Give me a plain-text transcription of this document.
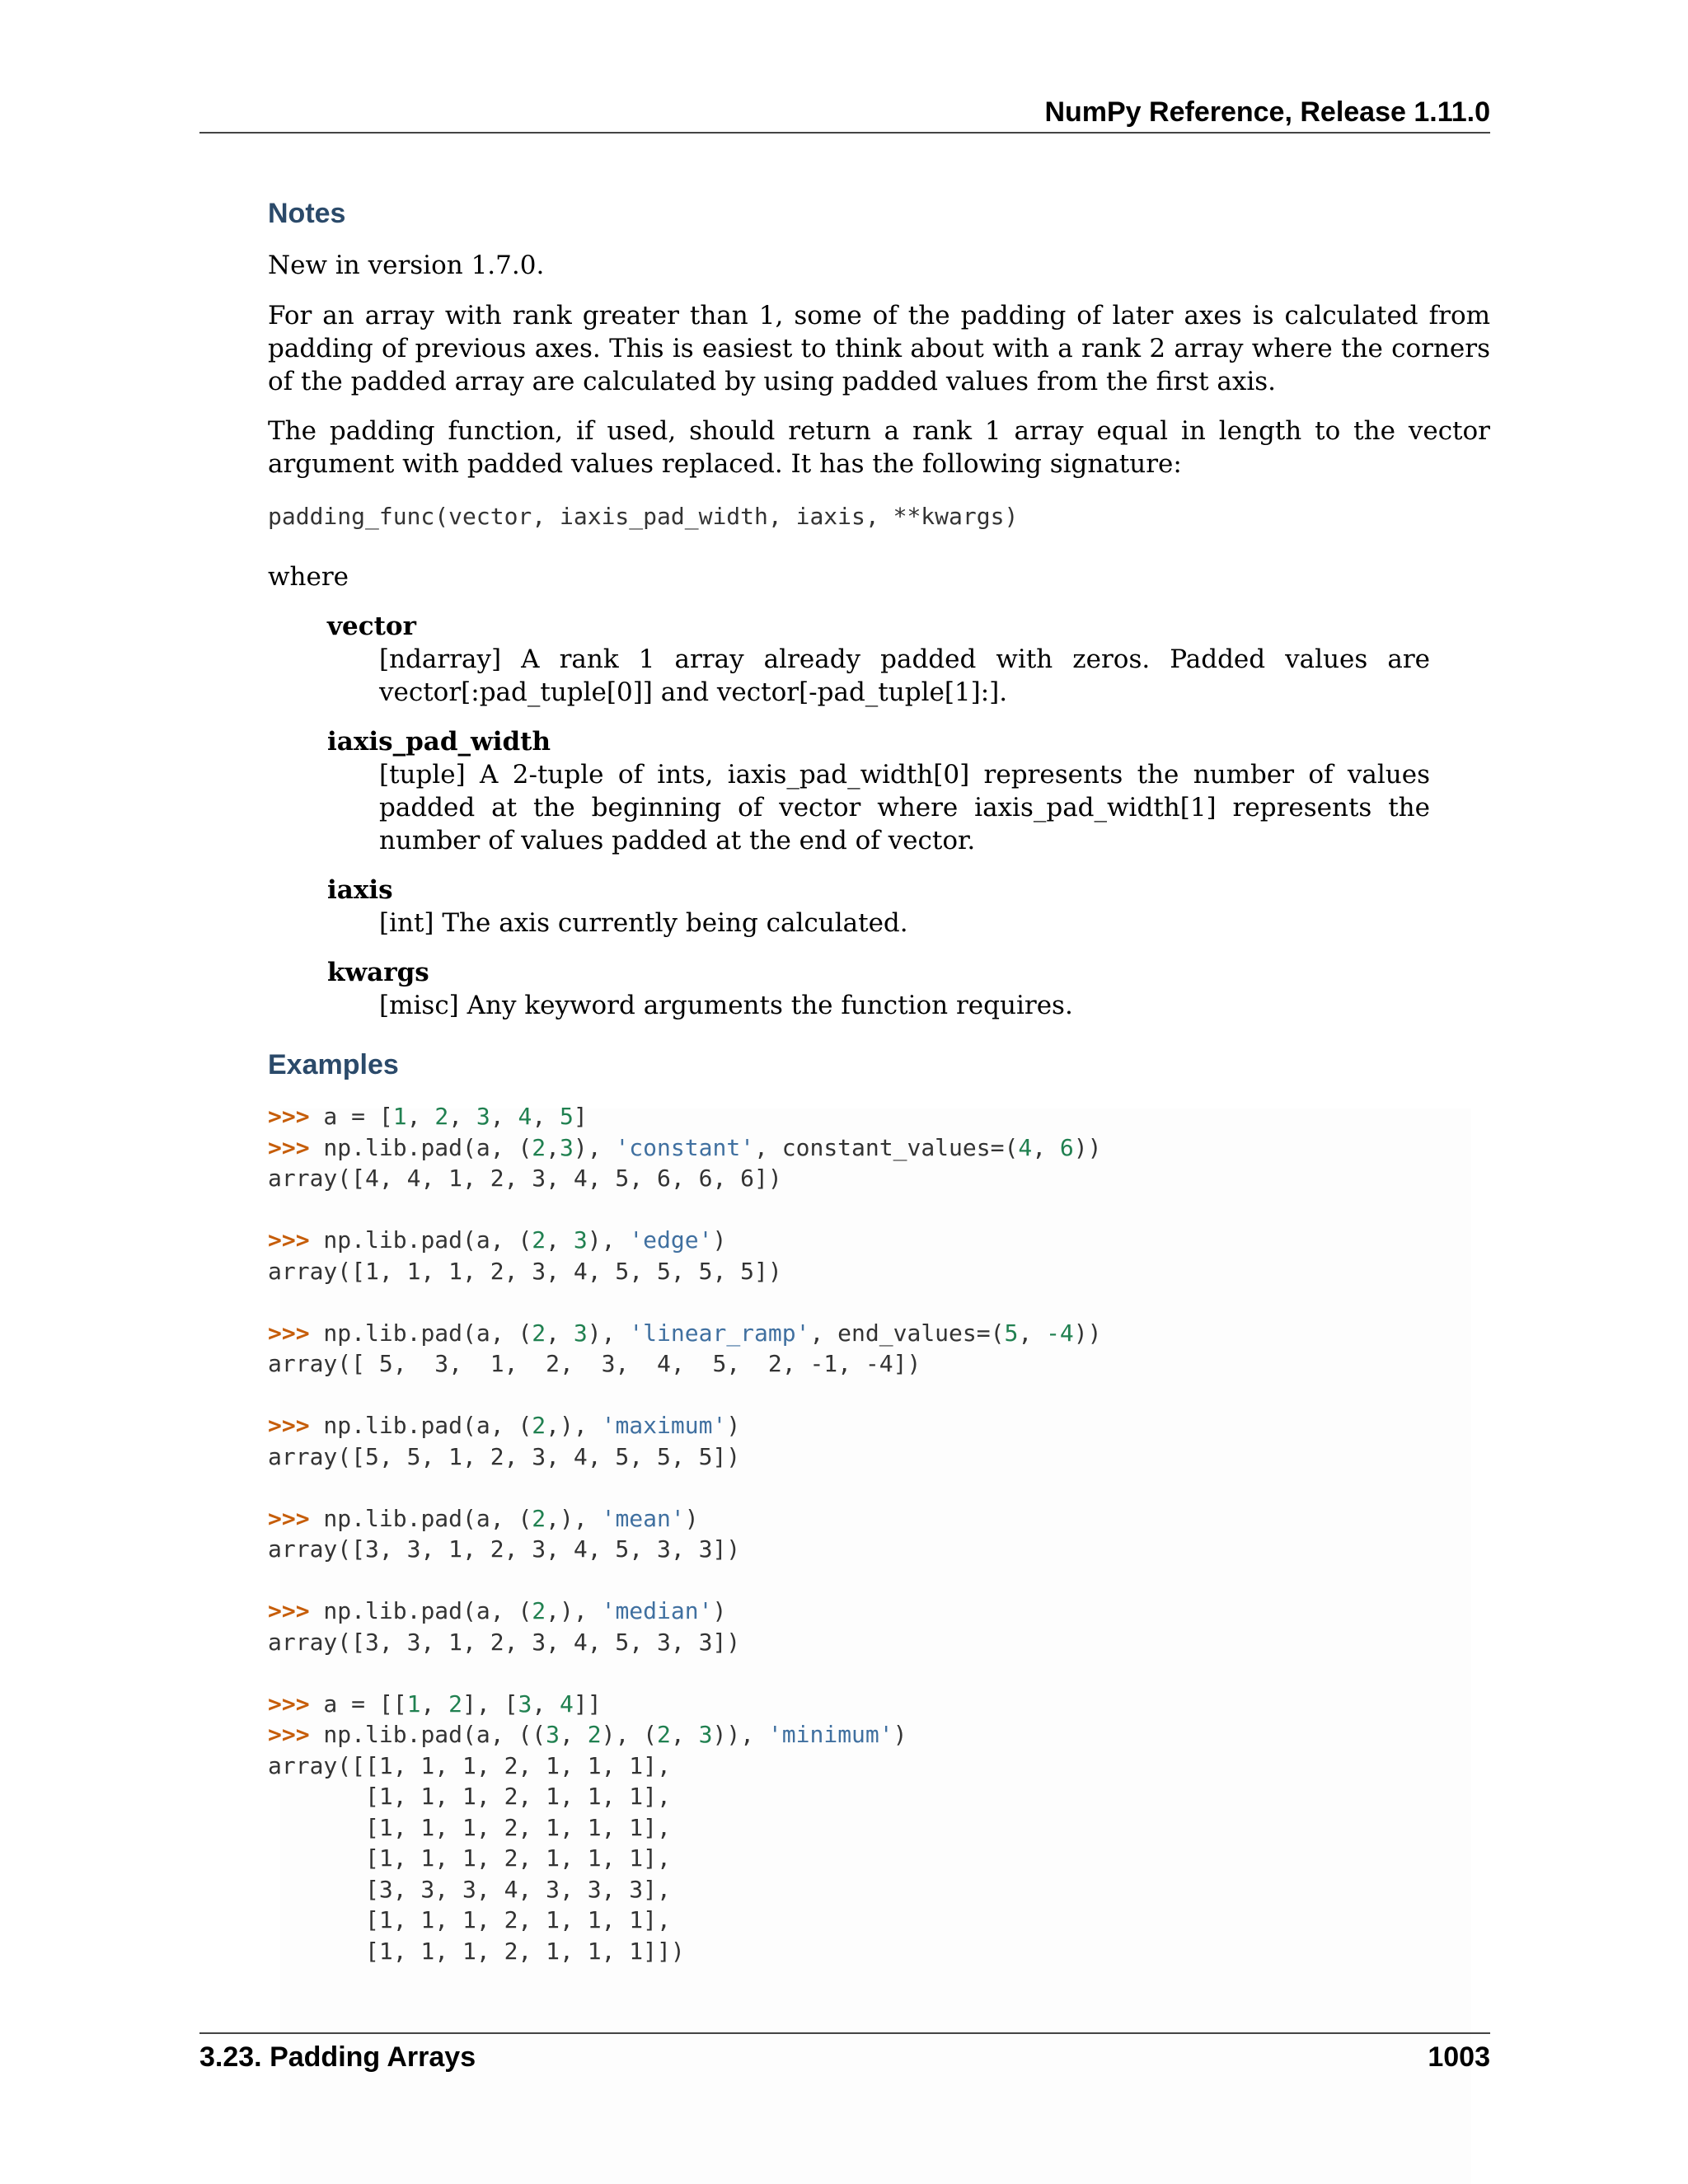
NumPy Reference, Release 1.11.0
Notes

New in version 1.7.0.

For an array with rank greater than 1, some of the padding of later axes is calculated from padding of previous axes. This is easiest to think about with a rank 2 array where the corners of the padded array are calculated by using padded values from the first axis.

The padding function, if used, should return a rank 1 array equal in length to the vector argument with padded values replaced. It has the following signature:

padding_func(vector, iaxis_pad_width, iaxis, **kwargs)

where

vector
[ndarray] A rank 1 array already padded with zeros. Padded values are vector[:pad_tuple[0]] and vector[-pad_tuple[1]:].
iaxis_pad_width
[tuple] A 2-tuple of ints, iaxis_pad_width[0] represents the number of values padded at the beginning of vector where iaxis_pad_width[1] represents the number of values padded at the end of vector.
iaxis
[int] The axis currently being calculated.
kwargs
[misc] Any keyword arguments the function requires.
Examples
>>> a = [1, 2, 3, 4, 5]
>>> np.lib.pad(a, (2,3), 'constant', constant_values=(4, 6))
array([4, 4, 1, 2, 3, 4, 5, 6, 6, 6])
>>> np.lib.pad(a, (2, 3), 'edge')
array([1, 1, 1, 2, 3, 4, 5, 5, 5, 5])
>>> np.lib.pad(a, (2, 3), 'linear_ramp', end_values=(5, -4))
array([ 5,  3,  1,  2,  3,  4,  5,  2, -1, -4])
>>> np.lib.pad(a, (2,), 'maximum')
array([5, 5, 1, 2, 3, 4, 5, 5, 5])
>>> np.lib.pad(a, (2,), 'mean')
array([3, 3, 1, 2, 3, 4, 5, 3, 3])
>>> np.lib.pad(a, (2,), 'median')
array([3, 3, 1, 2, 3, 4, 5, 3, 3])
>>> a = [[1, 2], [3, 4]]
>>> np.lib.pad(a, ((3, 2), (2, 3)), 'minimum')
array([[1, 1, 1, 2, 1, 1, 1],
[1, 1, 1, 2, 1, 1, 1],
[1, 1, 1, 2, 1, 1, 1],
[1, 1, 1, 2, 1, 1, 1],
[3, 3, 3, 4, 3, 3, 3],
[1, 1, 1, 2, 1, 1, 1],
[1, 1, 1, 2, 1, 1, 1]])
3.23. Padding Arrays	1003
